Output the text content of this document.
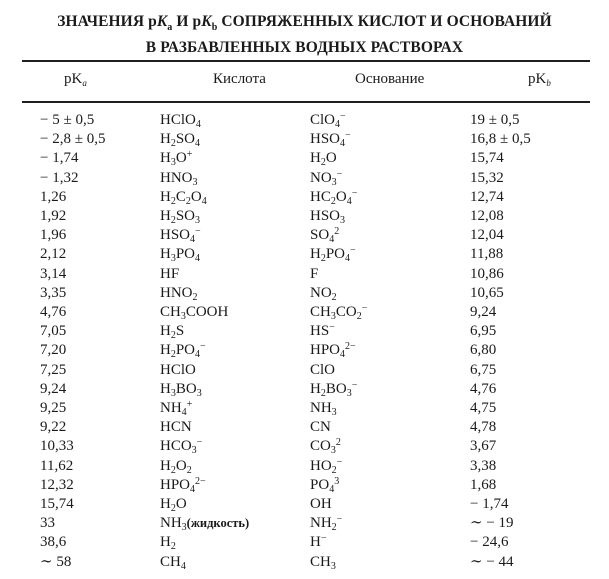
ЗНАЧЕНИЯ $pK_a$ И $pK_b$ СОПРЯЖЕННЫХ КИСЛОТ И ОСНОВАНИЙ
В РАЗБАВЛЕННЫХ ВОДНЫХ РАСТВОРАХ
$pK_a$	Кислота	Основание	$pK_b$
− 5 ± 0,5	HClO$_4$	ClO$_4$−	19 ± 0,5
− 2,8 ± 0,5	$H_2SO_4$	$HSO_4^-$	16,8 ± 0,5
− 1,74	$H_3O^+$	$H_2O$	15,74
− 1,32	$HNO_3$	$NO_3^-$	15,32
1,26	$H_2C_2O_4$	$HC_2O_4^-$	12,74
1,92	$H_2SO_3$	$HSO_3$	12,08
1,96	$HSO_4^-$	$SO_4^2$	12,04
2,12	$H_3PO_4$	$H_2PO_4^-$	11,88
3,14	HF	F	10,86
3,35	$HNO_2$	$NO_2$	10,65
4,76	$CH_3COOH$	$CH_3CO_2^-$	9,24
7,05	$H_2S$	HS−	6,95
7,20	$H_2PO_4^-$	$HPO_4^{2-}$	6,80
7,25	HClO	ClO	6,75
9,24	$H_3BO_3$	$H_2BO_3^-$	4,76
9,25	$NH_4^+$	$NH_3$	4,75
9,22	HCN	CN	4,78
10,33	$HCO_3^-$	$CO_3^2$	3,67
11,62	$H_2O_2$	$HO_2^-$	3,38
12,32	$HPO_4^{2-}$	$PO_4^3$	1,68
15,74	$H_2O$	OH	− 1,74
33	$NH_3(жидкость)$	$NH_2^-$	∼ − 19
38,6	$H_2$	H−	− 24,6
∼ 58	$CH_4$	$CH_3$	∼ − 44
